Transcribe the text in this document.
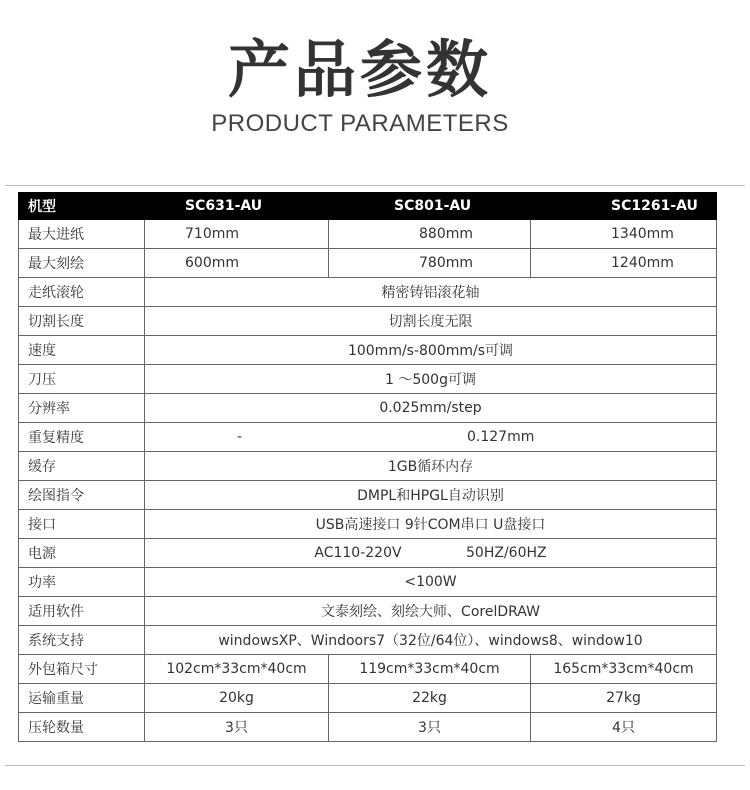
产品参数
PRODUCT PARAMETERS
机型	SC631-AU	SC801-AU	SC1261-AU
最大进纸	710mm	880mm	1340mm
最大刻绘	600mm	780mm	1240mm
走纸滚轮	精密铸铝滚花轴		
切割长度	切割长度无限		
速度	100mm/s-800mm/s可调		
刀压	1 ～500g可调		
分辨率	0.025mm/step		
重复精度	- 0.127mm		
缓存	1GB循环内存		
绘图指令	DMPL和HPGL自动识别		
接口	USB高速接口 9针COM串口 U盘接口		
电源	AC110-220V 50HZ/60HZ		
功率	<100W		
适用软件	文泰刻绘、刻绘大师、CorelDRAW		
系统支持	windowsXP、Windoors7（32位/64位）、windows8、window10		
外包箱尺寸	102cm*33cm*40cm	119cm*33cm*40cm	165cm*33cm*40cm
运输重量	20kg	22kg	27kg
压轮数量	3只	3只	4只
